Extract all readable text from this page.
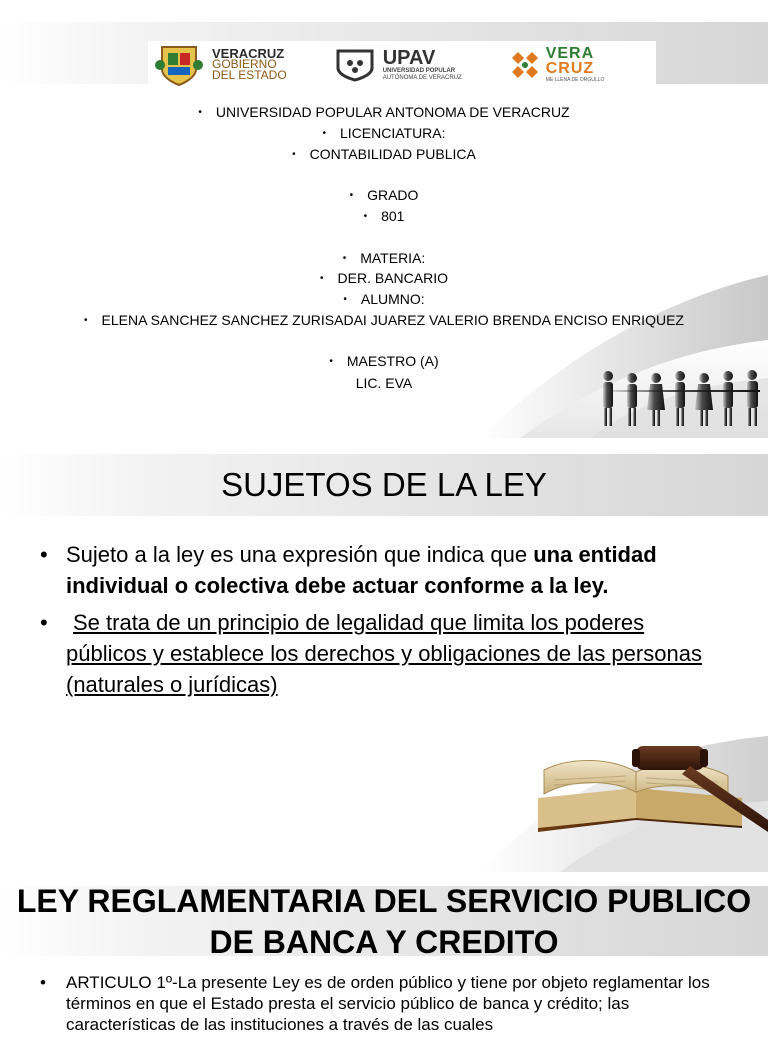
VERACRUZ
GOBIERNO
DEL ESTADO
UPAV
UNIVERSIDAD POPULAR
AUTÓNOMA DE VERACRUZ
VERA
CRUZ
ME LLENA DE ORGULLO
• UNIVERSIDAD POPULAR ANTONOMA DE VERACRUZ
• LICENCIATURA:
• CONTABILIDAD PUBLICA
• GRADO
• 801
• MATERIA:
• DER. BANCARIO
• ALUMNO:
• ELENA SANCHEZ SANCHEZ ZURISADAI JUAREZ VALERIO BRENDA ENCISO ENRIQUEZ
• MAESTRO (A)
LIC. EVA
SUJETOS DE LA LEY
• Sujeto a la ley es una expresión que indica que una entidad individual o colectiva debe actuar conforme a la ley.
• Se trata de un principio de legalidad que limita los poderes públicos y establece los derechos y obligaciones de las personas (naturales o jurídicas)
LEY REGLAMENTARIA DEL SERVICIO PUBLICO DE BANCA Y CREDITO
• ARTICULO 1º-La presente Ley es de orden público y tiene por objeto reglamentar los términos en que el Estado presta el servicio público de banca y crédito; las características de las instituciones a través de las cuales
